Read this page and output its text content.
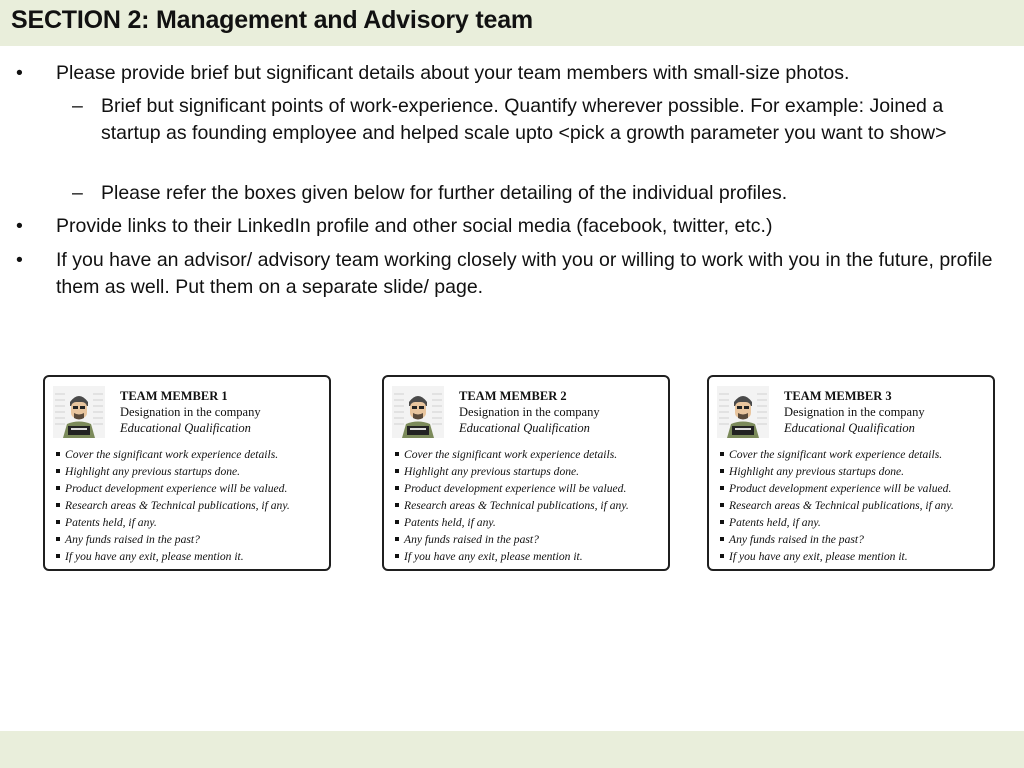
SECTION 2: Management and Advisory team
• Please provide brief but significant details about your team members with small-size photos.
– Brief but significant points of work-experience. Quantify wherever possible. For example: Joined a startup as founding employee and helped scale upto <pick a growth parameter you want to show>
– Please refer the boxes given below for further detailing of the individual profiles.
• Provide links to their LinkedIn profile and other social media (facebook, twitter, etc.)
• If you have an advisor/ advisory team working closely with you or willing to work with you in the future, profile them as well. Put them on a separate slide/ page.
TEAM MEMBER 1
Designation in the company
Educational Qualification
Cover the significant work experience details.
Highlight any previous startups done.
Product development experience will be valued.
Research areas & Technical publications, if any.
Patents held, if any.
Any funds raised in the past?
If you have any exit, please mention it.
TEAM MEMBER 2
Designation in the company
Educational Qualification
Cover the significant work experience details.
Highlight any previous startups done.
Product development experience will be valued.
Research areas & Technical publications, if any.
Patents held, if any.
Any funds raised in the past?
If you have any exit, please mention it.
TEAM MEMBER 3
Designation in the company
Educational Qualification
Cover the significant work experience details.
Highlight any previous startups done.
Product development experience will be valued.
Research areas & Technical publications, if any.
Patents held, if any.
Any funds raised in the past?
If you have any exit, please mention it.
